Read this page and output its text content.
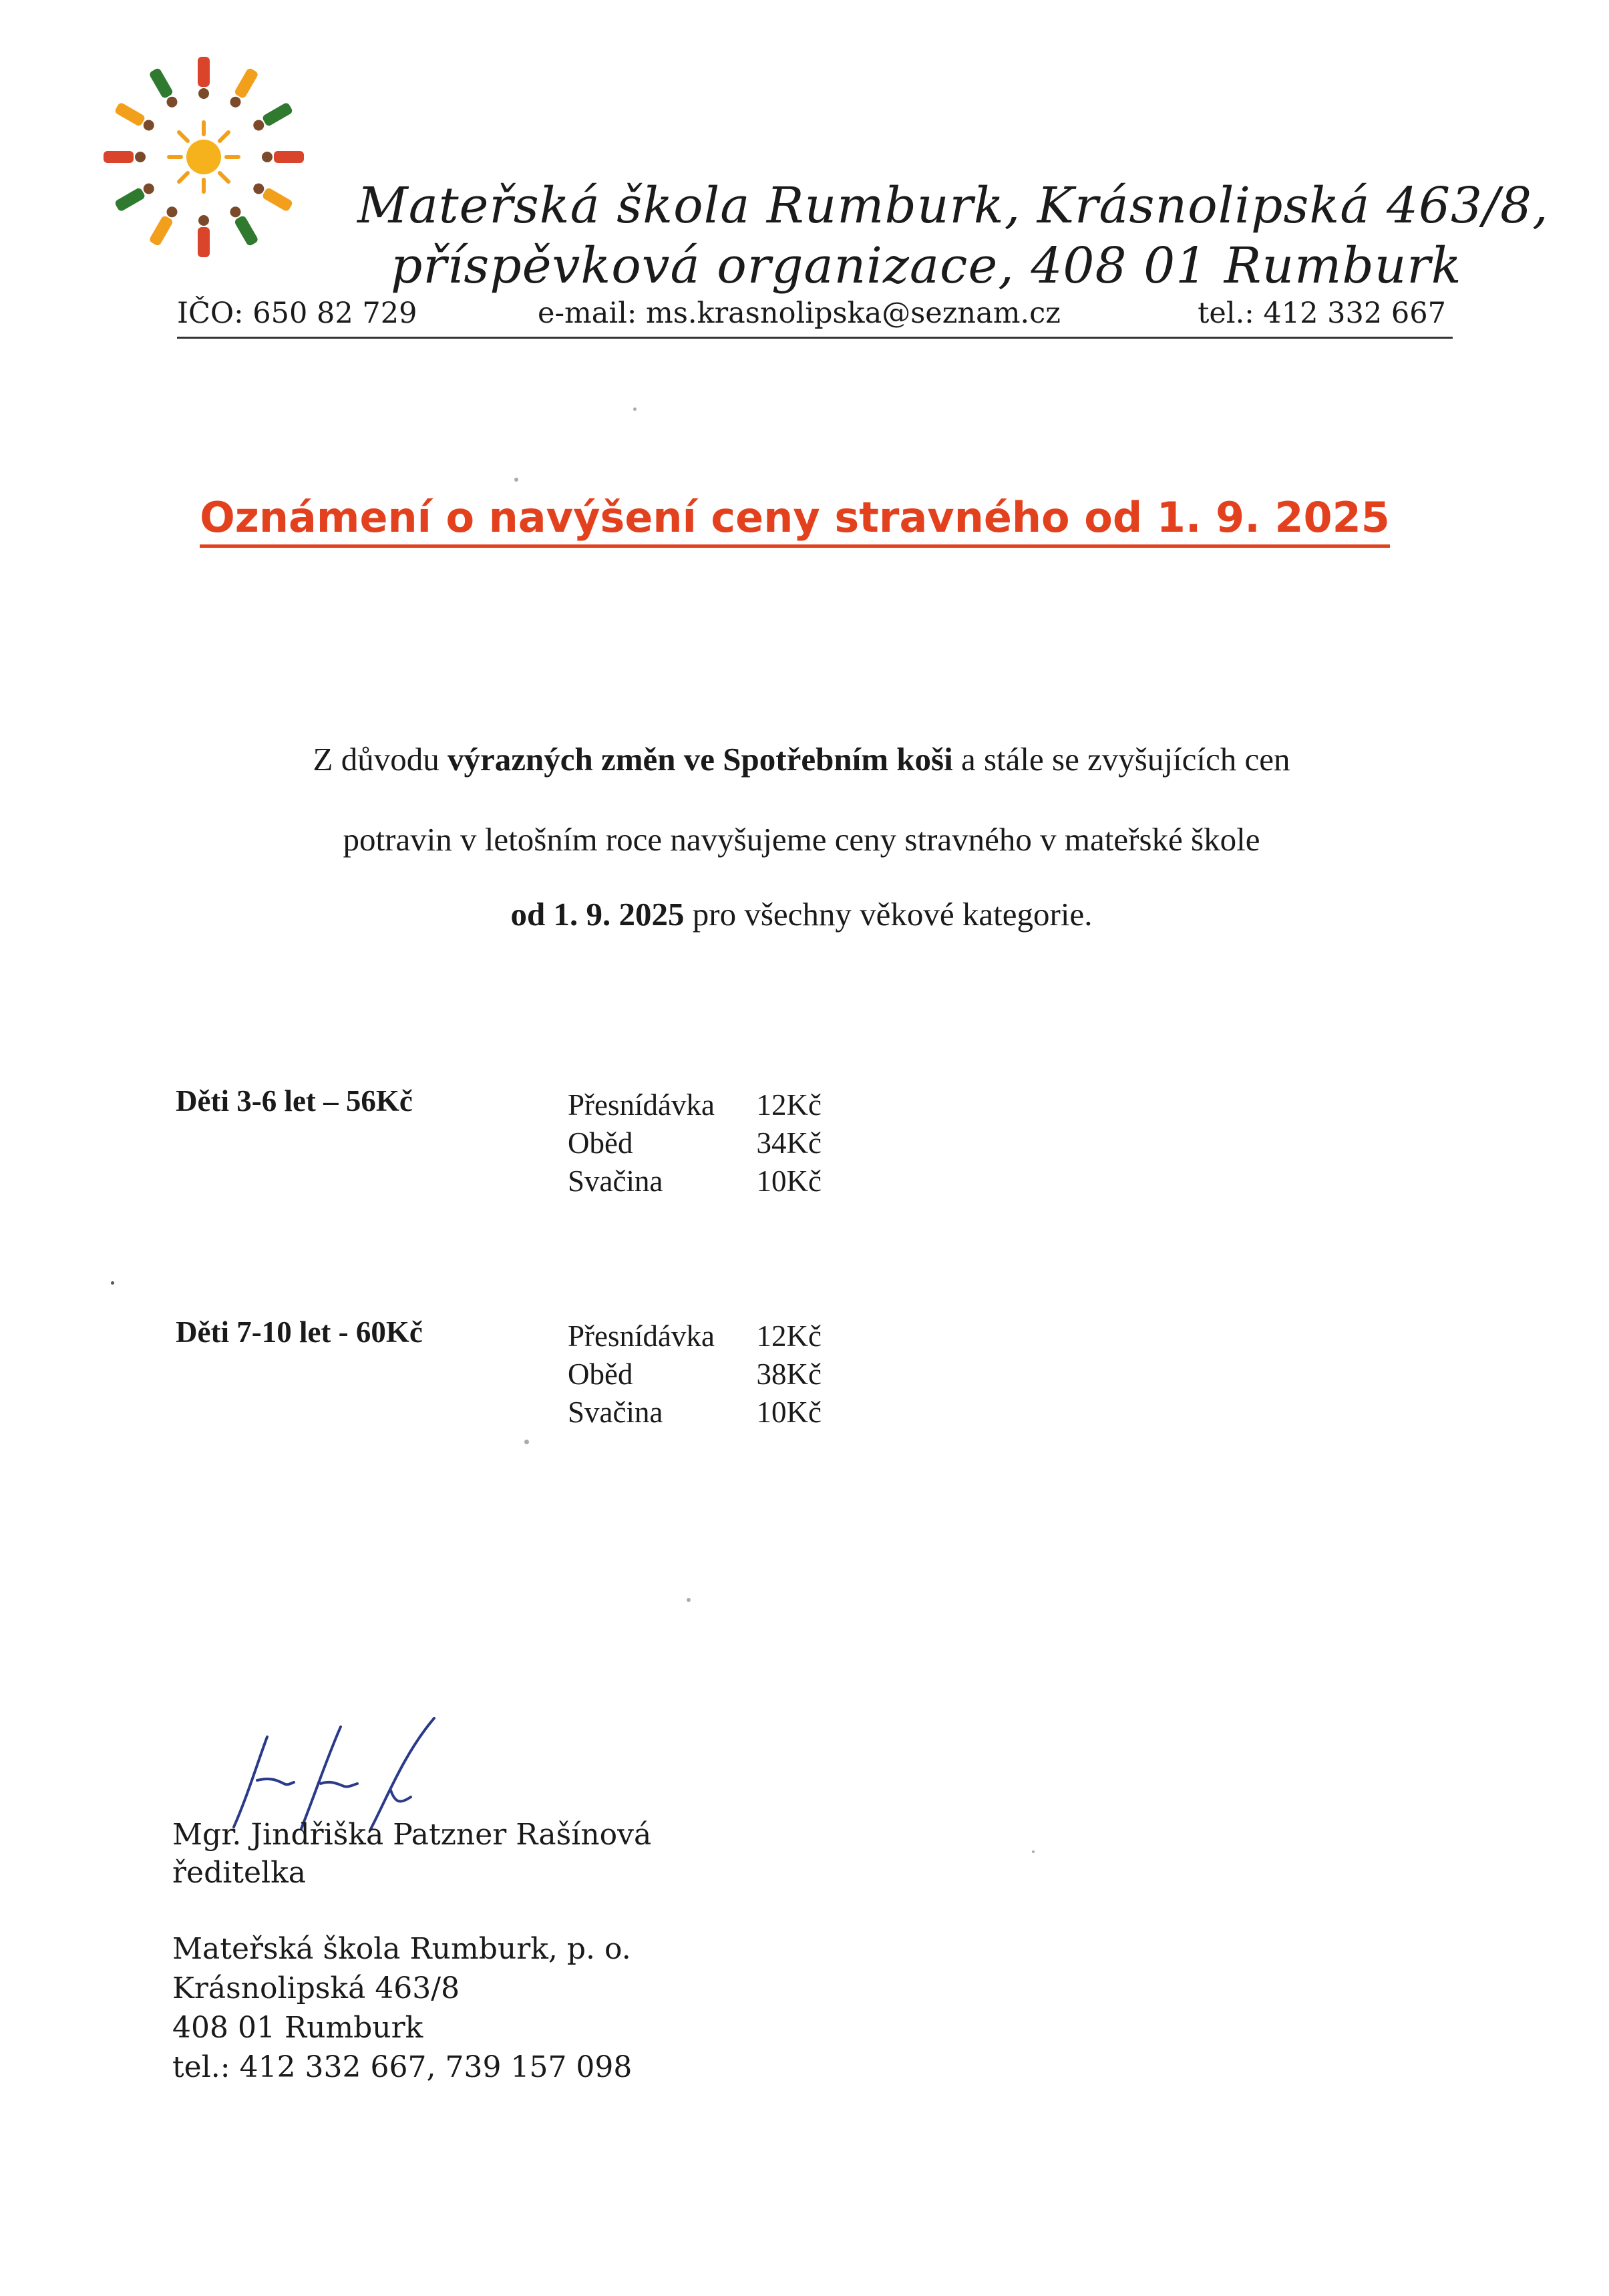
Mateřská škola Rumburk, Krásnolipská 463/8,
příspěvková organizace, 408 01 Rumburk
IČO: 650 82 729	e-mail: ms.krasnolipska@seznam.cz	tel.: 412 332 667
Oznámení o navýšení ceny stravného od 1. 9. 2025
Z důvodu výrazných změn ve Spotřebním koši a stále se zvyšujících cen
potravin v letošním roce navyšujeme ceny stravného v mateřské škole
od 1. 9. 2025 pro všechny věkové kategorie.
Děti 3-6 let – 56Kč	Přesnídávka 12Kč
Oběd	34Kč
Svačina	10Kč
Děti 7-10 let - 60Kč	Přesnídávka 12Kč
Oběd	38Kč
Svačina	10Kč
Mgr. Jindřiška Patzner Rašínová
ředitelka
Mateřská škola Rumburk, p. o.
Krásnolipská 463/8
408 01 Rumburk
tel.: 412 332 667, 739 157 098
